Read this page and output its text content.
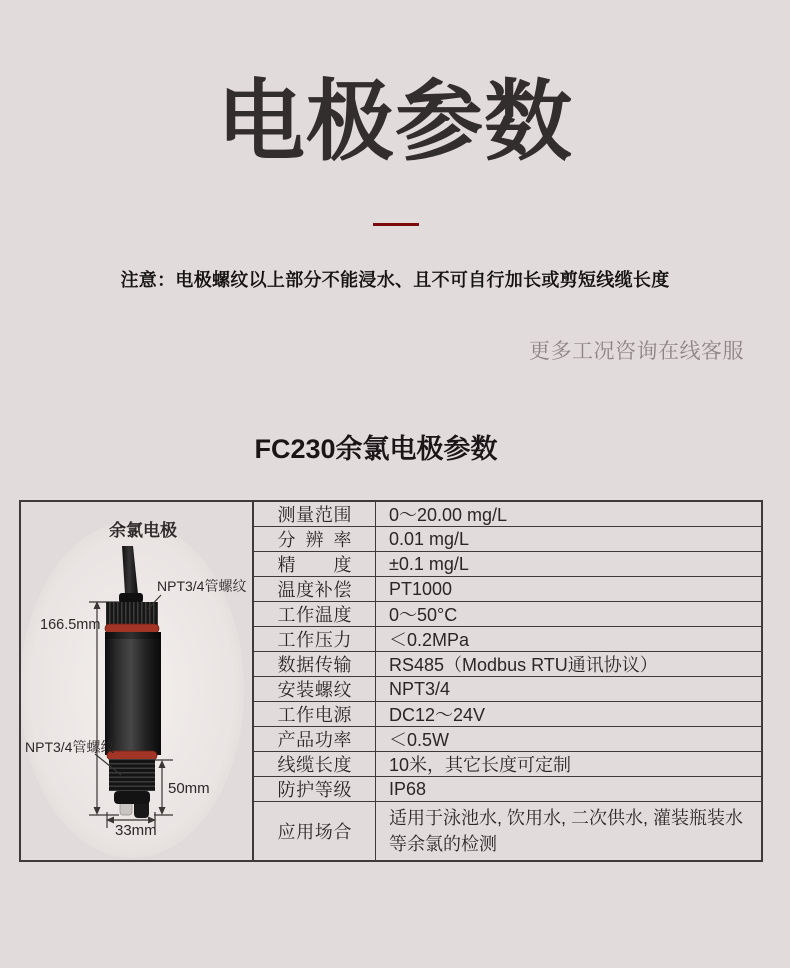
电极参数
注意：电极螺纹以上部分不能浸水、且不可自行加长或剪短线缆长度
更多工况咨询在线客服
FC230余氯电极参数
余氯电极
NPT3/4管螺纹
NPT3/4管螺纹
166.5mm
50mm
33mm
测量范围 0～20.00 mg/L
分辨率 0.01 mg/L
精度 ±0.1 mg/L
温度补偿 PT1000
工作温度 0～50°C
工作压力 ＜0.2MPa
数据传输 RS485（Modbus RTU通讯协议）
安装螺纹 NPT3/4
工作电源 DC12～24V
产品功率 ＜0.5W
线缆长度 10米，其它长度可定制
防护等级 IP68
应用场合
适用于泳池水, 饮用水, 二次供水, 灌装瓶装水等余氯的检测
